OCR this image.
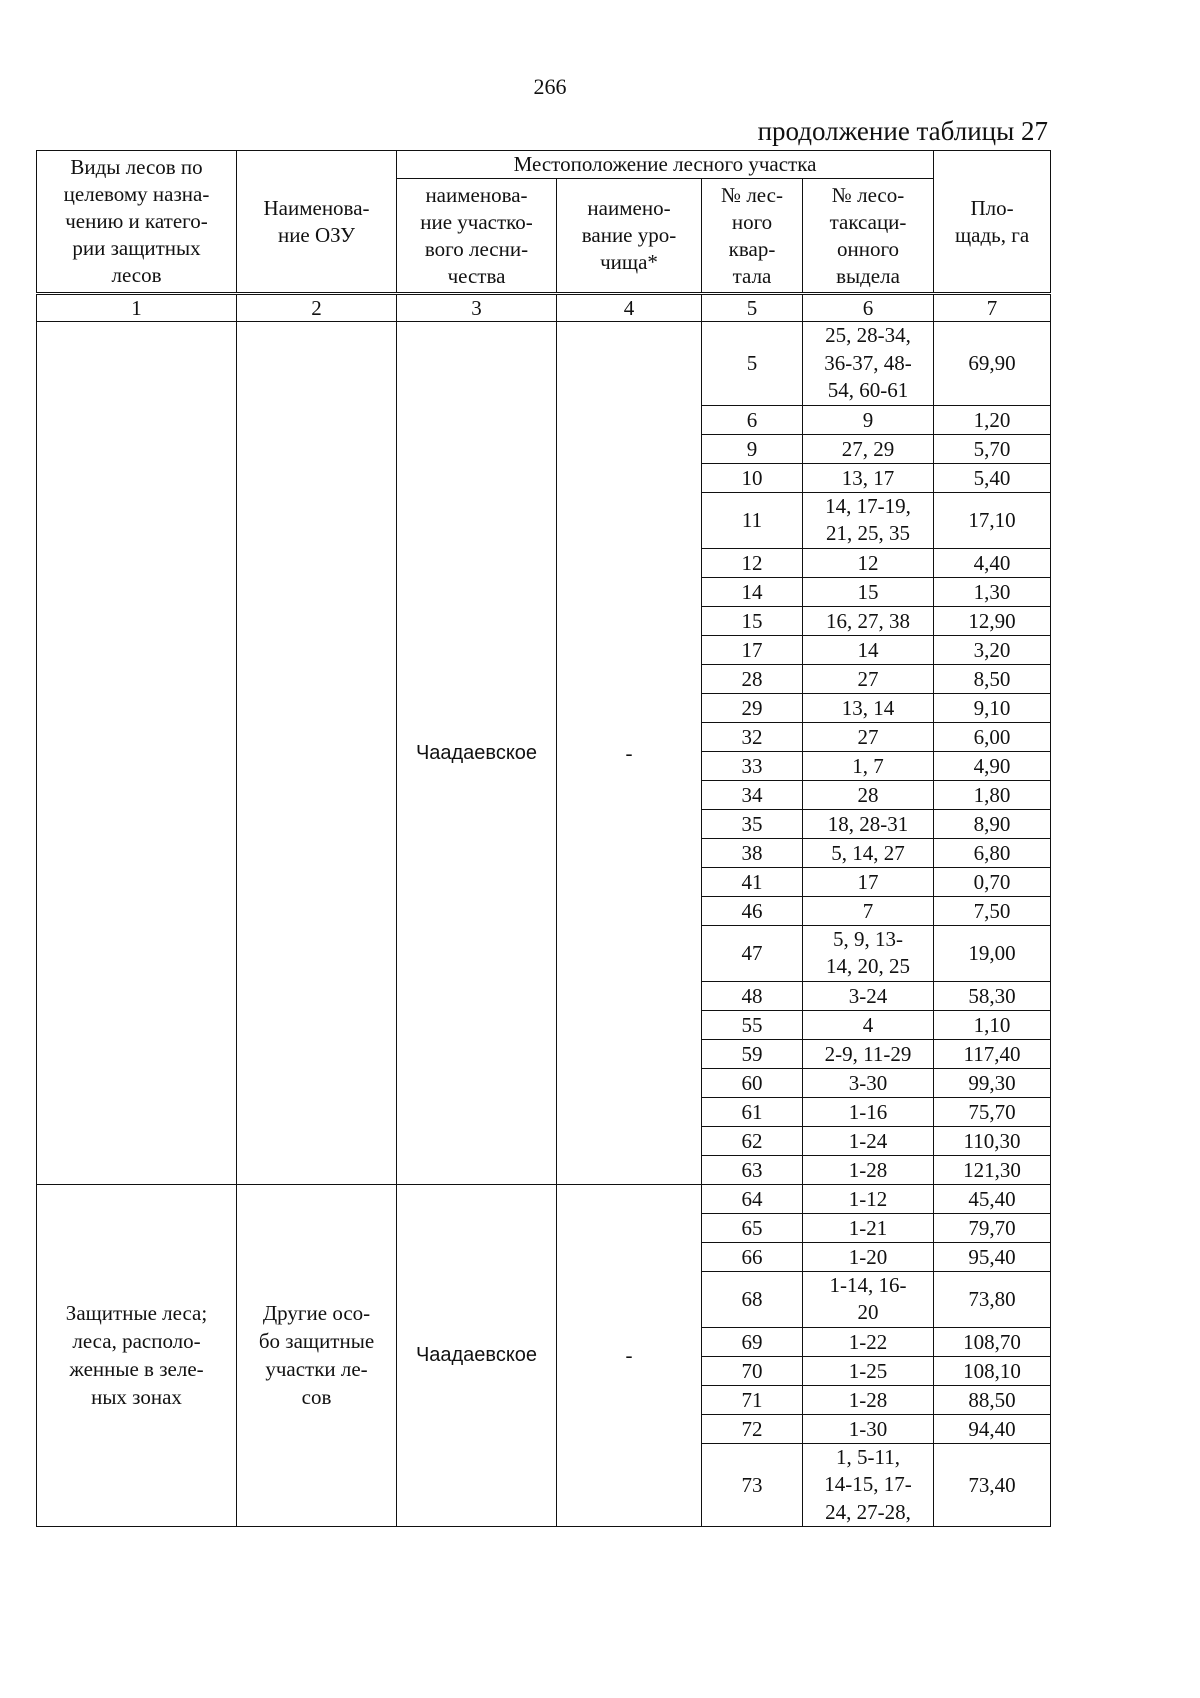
266
продолжение таблицы 27
Виды лесов по
целевому назна-
чению и катего-
рии защитных
лесов	Наименова-
ние ОЗУ	Местоположение лесного участка				Пло-
щадь, га
		наименова-
ние участко-
вого лесни-
чества	наимено-
вание уро-
чища*	№ лес-
ного
квар-
тала	№ лесо-
таксаци-
онного
выдела	
1	2	3	4	5	6	7
		Чаадаевское	-	5	25, 28-34,
36-37, 48-
54, 60-61	69,90
				6	9	1,20
				9	27, 29	5,70
				10	13, 17	5,40
				11	14, 17-19,
21, 25, 35	17,10
				12	12	4,40
				14	15	1,30
				15	16, 27, 38	12,90
				17	14	3,20
				28	27	8,50
				29	13, 14	9,10
				32	27	6,00
				33	1, 7	4,90
				34	28	1,80
				35	18, 28-31	8,90
				38	5, 14, 27	6,80
				41	17	0,70
				46	7	7,50
				47	5, 9, 13-
14, 20, 25	19,00
				48	3-24	58,30
				55	4	1,10
				59	2-9, 11-29	117,40
				60	3-30	99,30
				61	1-16	75,70
				62	1-24	110,30
				63	1-28	121,30
Защитные леса;
леса, располо-
женные в зеле-
ных зонах	Другие осо-
бо защитные
участки ле-
сов	Чаадаевское	-	64	1-12	45,40
				65	1-21	79,70
				66	1-20	95,40
				68	1-14, 16-
20	73,80
				69	1-22	108,70
				70	1-25	108,10
				71	1-28	88,50
				72	1-30	94,40
				73	1, 5-11,
14-15, 17-
24, 27-28,	73,40
